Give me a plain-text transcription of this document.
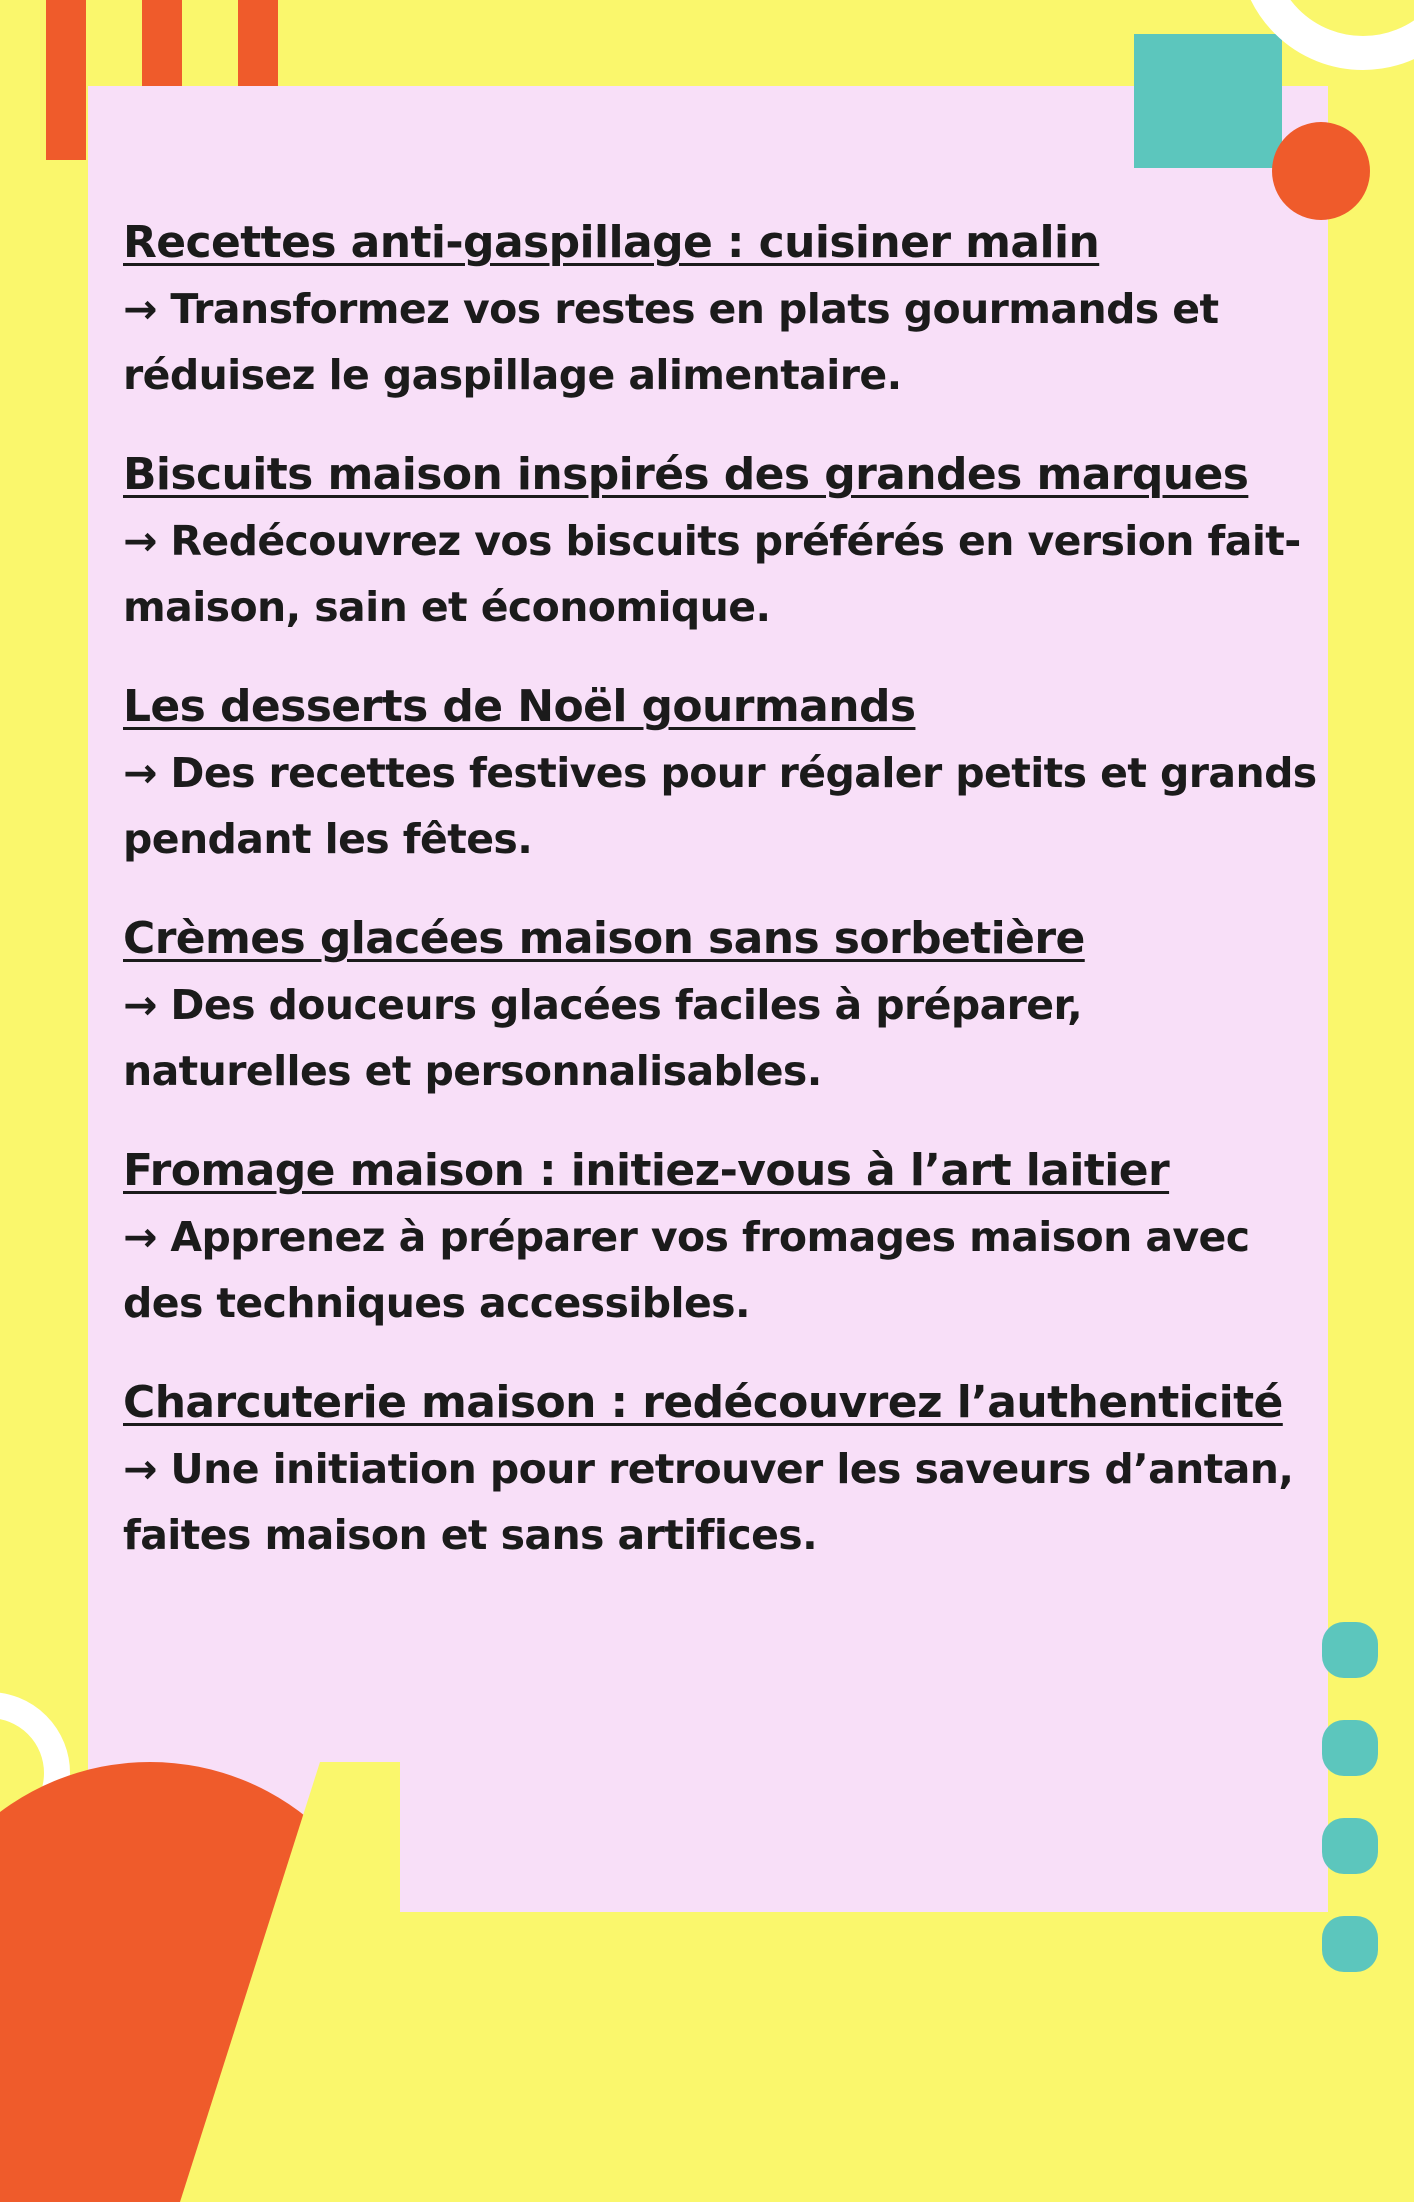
Recettes anti-gaspillage : cuisiner malin
→ Transformez vos restes en plats gourmands et réduisez le gaspillage alimentaire.
Biscuits maison inspirés des grandes marques
→ Redécouvrez vos biscuits préférés en version fait-maison, sain et économique.
Les desserts de Noël gourmands
→ Des recettes festives pour régaler petits et grands pendant les fêtes.
Crèmes glacées maison sans sorbetière
→ Des douceurs glacées faciles à préparer, naturelles et personnalisables.
Fromage maison : initiez-vous à l’art laitier
→ Apprenez à préparer vos fromages maison avec des techniques accessibles.
Charcuterie maison : redécouvrez l’authenticité
→ Une initiation pour retrouver les saveurs d’antan, faites maison et sans artifices.
